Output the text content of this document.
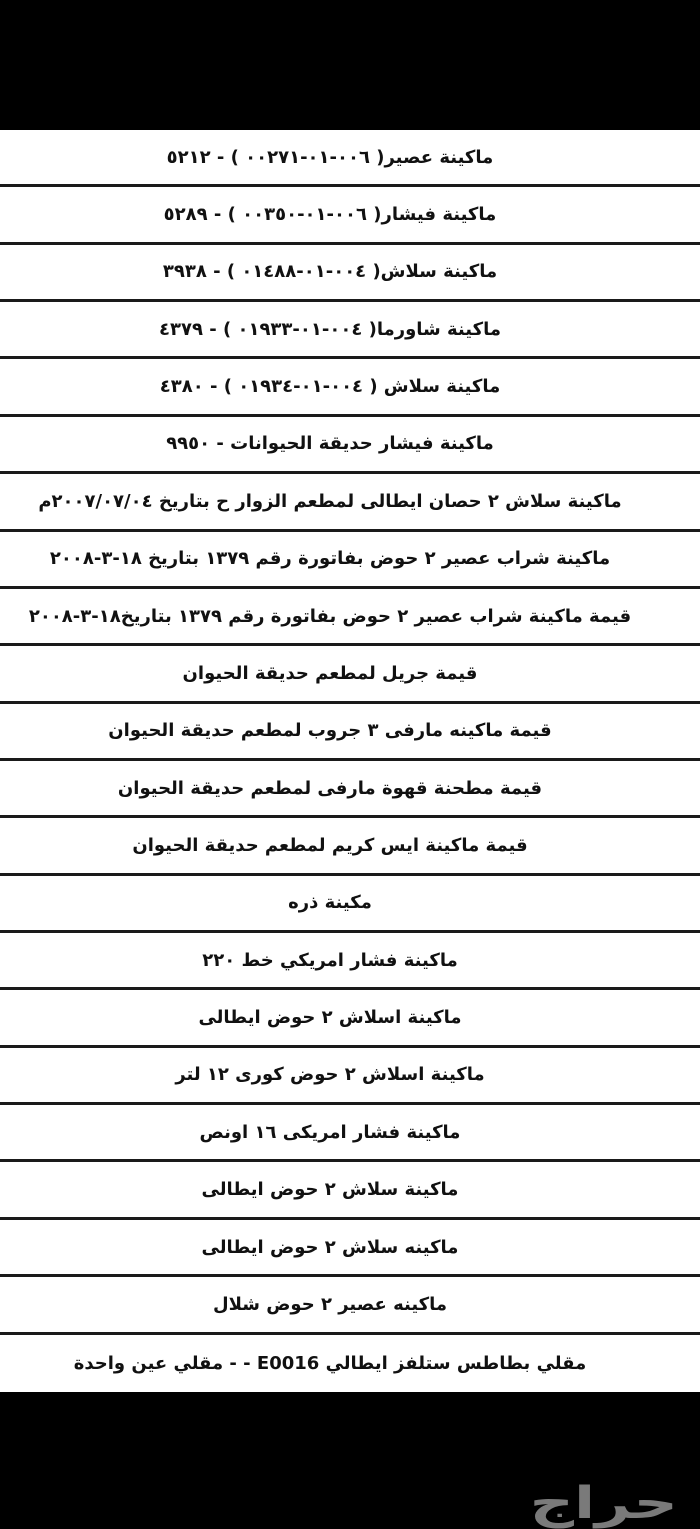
ماكينة عصير( ٠٠٦-٠١-٠٠٢٧١ ) - ٥٢١٢
ماكينة فيشار( ٠٠٦-٠١-٠٠٣٥٠ ) - ٥٢٨٩
ماكينة سلاش( ٠٠٤-٠١-٠١٤٨٨ ) - ٣٩٣٨
ماكينة شاورما( ٠٠٤-٠١-٠١٩٣٣ ) - ٤٣٧٩
ماكينة سلاش ( ٠٠٤-٠١-٠١٩٣٤ ) - ٤٣٨٠
ماكينة فيشار حديقة الحيوانات - ٩٩٥٠
ماكينة سلاش ٢ حصان ايطالى لمطعم الزوار ح بتاريخ ٢٠٠٧/٠٧/٠٤م
ماكينة شراب عصير ٢ حوض بفاتورة رقم ١٣٧٩ بتاريخ ١٨-٣-٢٠٠٨
قيمة ماكينة شراب عصير ٢ حوض بفاتورة رقم ١٣٧٩ بتاريخ١٨-٣-٢٠٠٨
قيمة جريل لمطعم حديقة الحيوان
قيمة ماكينه مارفى ٣ جروب لمطعم حديقة الحيوان
قيمة مطحنة قهوة مارفى لمطعم حديقة الحيوان
قيمة ماكينة ايس كريم لمطعم حديقة الحيوان
مكينة ذره
ماكينة فشار امريكي خط ٢٢٠
ماكينة اسلاش ٢ حوض ايطالى
ماكينة اسلاش ٢ حوض كورى ١٢ لتر
ماكينة فشار امريكى ١٦ اونص
ماكينة سلاش ٢ حوض ايطالى
ماكينه سلاش ٢ حوض ايطالى
ماكينه عصير ٢ حوض شلال
مقلي بطاطس ستلفز ايطالي E0016 - - مقلي عين واحدة
حراج
